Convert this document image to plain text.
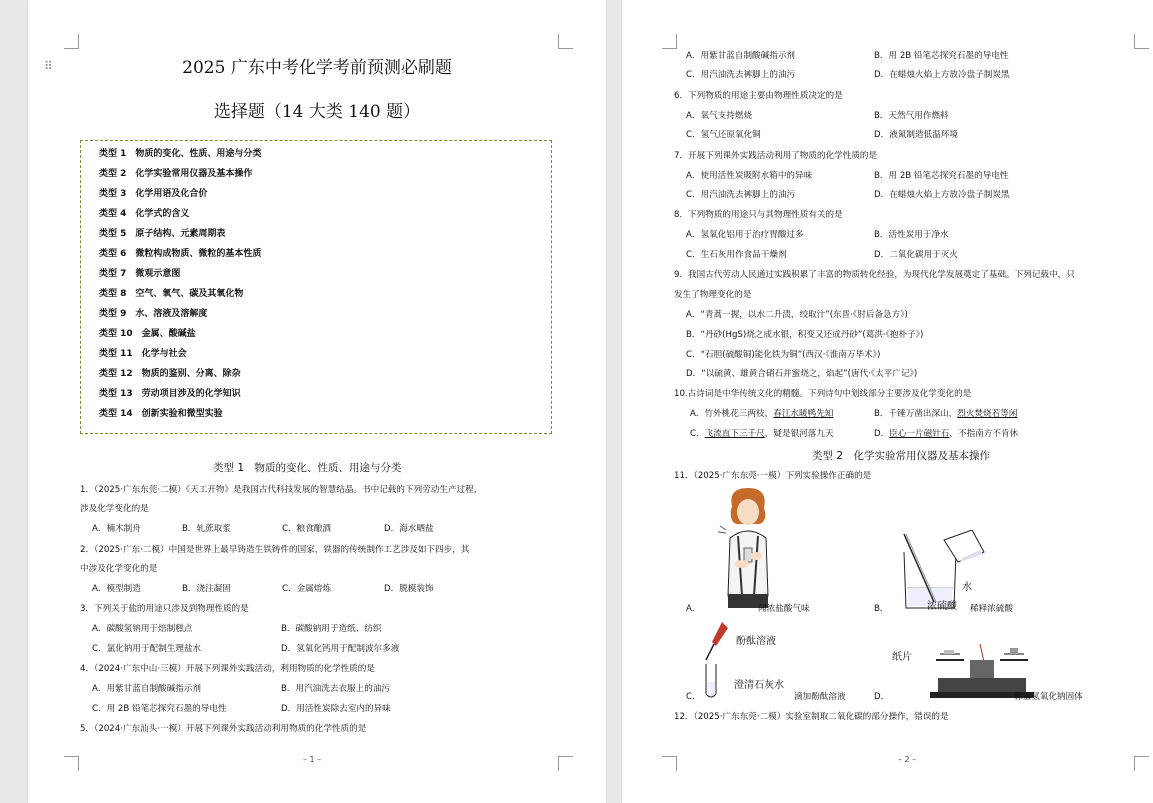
2025 广东中考化学考前预测必刷题
选择题（14 大类 140 题）
类型 1　物质的变化、性质、用途与分类
类型 2　化学实验常用仪器及基本操作
类型 3　化学用语及化合价
类型 4　化学式的含义
类型 5　原子结构、元素周期表
类型 6　微粒构成物质、微粒的基本性质
类型 7　微观示意图
类型 8　空气、氧气、碳及其氧化物
类型 9　水、溶液及溶解度
类型 10　金属、酸碱盐
类型 11　化学与社会
类型 12　物质的鉴别、分离、除杂
类型 13　劳动项目涉及的化学知识
类型 14　创新实验和微型实验
类型 1　物质的变化、性质、用途与分类
1．（2025·广东东莞·二模）《天工开物》是我国古代科技发展的智慧结晶。书中记载的下列劳动生产过程，
涉及化学变化的是
A．楠木制舟	B．轧蔗取浆	C．粮食酿酒	D．海水晒盐
2．（2025·广东·二模）中国是世界上最早铸造生铁铸件的国家，铁器的传统制作工艺涉及如下四步，其
中涉及化学变化的是
A．模型制造	B．浇注凝固	C．金属熔炼	D．脱模装饰
3．下列关于盐的用途只涉及到物理性质的是
A．碳酸氢钠用于焙制糕点	B．碳酸钠用于造纸、纺织
C．氯化钠用于配制生理盐水	D．氢氧化钙用于配制波尔多液
4．（2024·广东中山·三模）开展下列课外实践活动，利用物质的化学性质的是
A．用紫甘蓝自制酸碱指示剂	B．用汽油洗去衣服上的油污
C．用 2B 铅笔芯探究石墨的导电性	D．用活性炭除去室内的异味
5．（2024·广东汕头·一模）开展下列课外实践活动利用物质的化学性质的是
– 1 –
⠿
A．用紫甘蓝自制酸碱指示剂	B．用 2B 铅笔芯探究石墨的导电性
C．用汽油洗去裤脚上的油污	D．在蜡烛火焰上方放冷盘子制炭黑
6．下列物质的用途主要由物理性质决定的是
A．氧气支持燃烧	B．天然气用作燃料
C．氢气还原氧化铜	D．液氮制造低温环境
7．开展下列课外实践活动利用了物质的化学性质的是
A．使用活性炭吸附水箱中的异味	B．用 2B 铅笔芯探究石墨的导电性
C．用汽油洗去裤脚上的油污	D．在蜡烛火焰上方放冷盘子制炭黑
8．下列物质的用途只与其物理性质有关的是
A．氢氧化铝用于治疗胃酸过多	B．活性炭用于净水
C．生石灰用作食品干燥剂	D．二氧化碳用于灭火
9．我国古代劳动人民通过实践积累了丰富的物质转化经验，为现代化学发展奠定了基础。下列记载中，只
发生了物理变化的是
A．“青蒿一握，以水二升渍，绞取汁”(东晋·《肘后备急方》)
B．“丹砂(HgS)烧之成水银，积变又还成丹砂”(葛洪·《抱朴子》)
C．“石胆(硫酸铜)能化铁为铜”(西汉·《淮南万毕术》)
D．“以硫黄、雄黄合硝石并蜜烧之，焰起”(唐代·《太平广记》)
10.古诗词是中华传统文化的精髓。下列诗句中划线部分主要涉及化学变化的是
A．竹外桃花三两枝，春江水暖鸭先知	B．千锤万凿出深山，烈火焚烧若等闲
C．飞流直下三千尺，疑是银河落九天	D．臣心一片磁针石，不指南方不肯休
类型 2　化学实验常用仪器及基本操作
11．（2025·广东东莞·一模）下列实验操作正确的是
A．	闻浓盐酸气味
水
浓硫酸
B．	稀释浓硫酸
酚酞溶液
澄清石灰水
C．	滴加酚酞溶液
纸片
D．	称量氢氧化钠固体
12．（2025·广东东莞·二模）实验室制取二氧化碳的部分操作，错误的是
– 2 –
